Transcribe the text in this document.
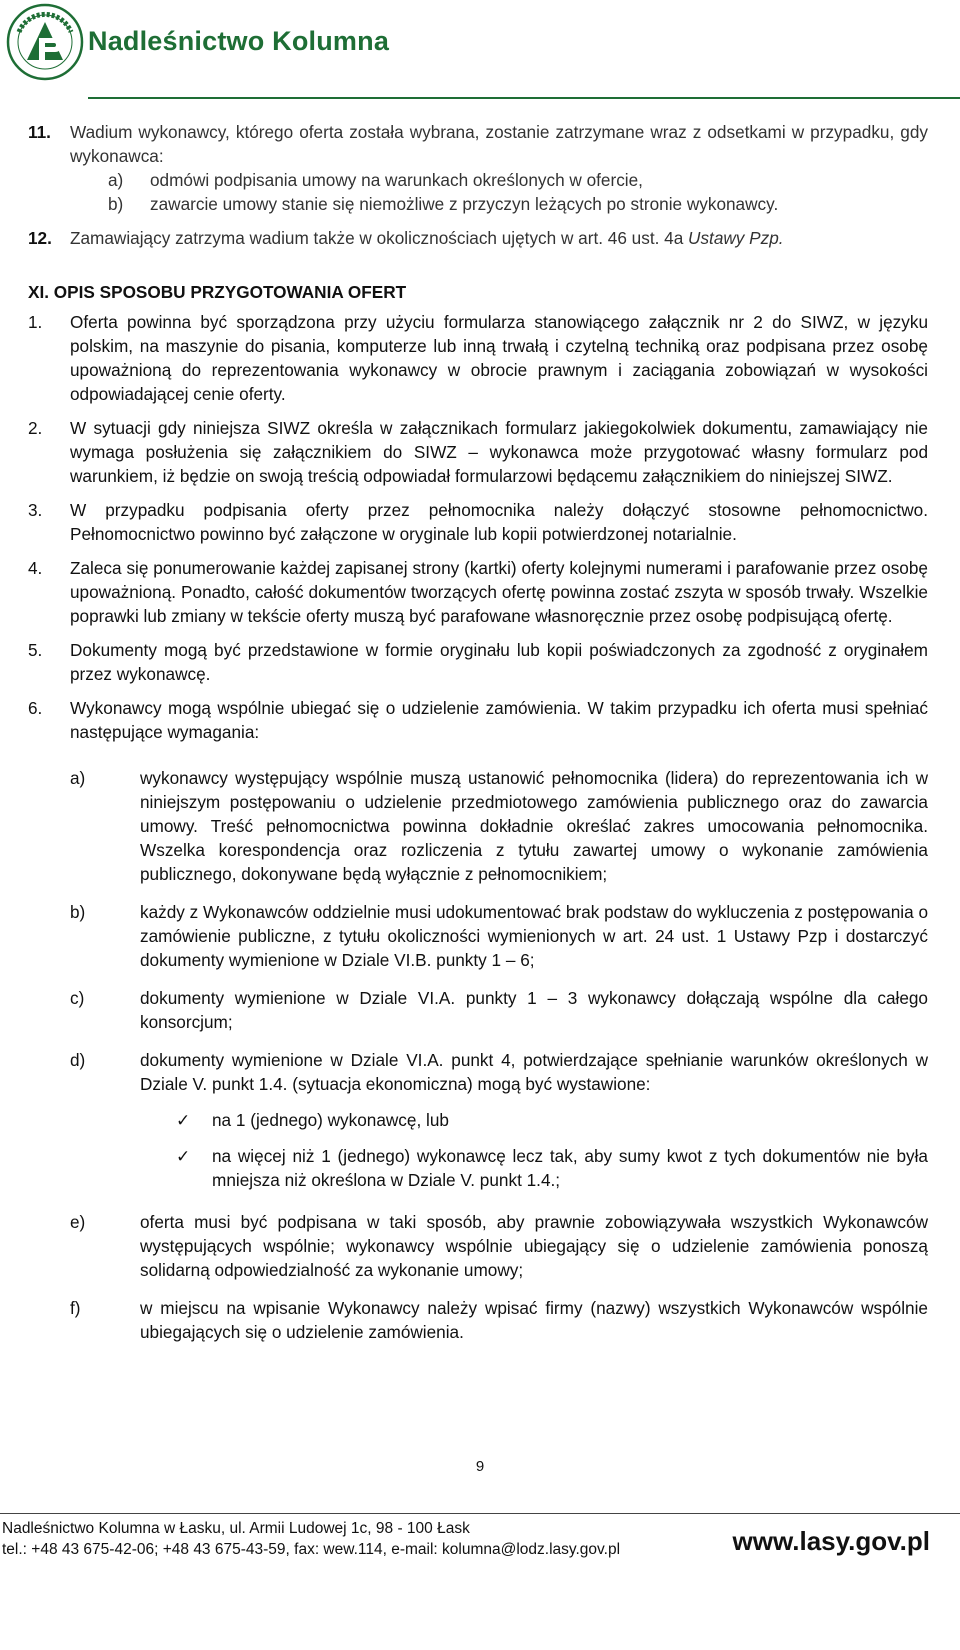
Nadleśnictwo Kolumna
11.	Wadium wykonawcy, którego oferta została wybrana, zostanie zatrzymane wraz z odsetkami w przypadku, gdy wykonawca:
a)	odmówi podpisania umowy na warunkach określonych w ofercie,
b)	zawarcie umowy stanie się niemożliwe z przyczyn leżących po stronie wykonawcy.
12.	Zamawiający zatrzyma wadium także w okolicznościach ujętych w art. 46 ust. 4a Ustawy Pzp.
XI. OPIS SPOSOBU PRZYGOTOWANIA OFERT
1.	Oferta powinna być sporządzona przy użyciu formularza stanowiącego załącznik nr 2 do SIWZ, w języku polskim, na maszynie do pisania, komputerze lub inną trwałą i czytelną techniką oraz podpisana przez osobę upoważnioną do reprezentowania wykonawcy w obrocie prawnym i zaciągania zobowiązań w wysokości odpowiadającej cenie oferty.
2.	W sytuacji gdy niniejsza SIWZ określa w załącznikach formularz jakiegokolwiek dokumentu, zamawiający nie wymaga posłużenia się załącznikiem do SIWZ – wykonawca może przygotować własny formularz pod warunkiem, iż będzie on swoją treścią odpowiadał formularzowi będącemu załącznikiem do niniejszej SIWZ.
3.	W przypadku podpisania oferty przez pełnomocnika należy dołączyć stosowne pełnomocnictwo. Pełnomocnictwo powinno być załączone w oryginale lub kopii potwierdzonej notarialnie.
4.	Zaleca się ponumerowanie każdej zapisanej strony (kartki) oferty kolejnymi numerami i parafowanie przez osobę upoważnioną. Ponadto, całość dokumentów tworzących ofertę powinna zostać zszyta w sposób trwały. Wszelkie poprawki lub zmiany w tekście oferty muszą być parafowane własnoręcznie przez osobę podpisującą ofertę.
5.	Dokumenty mogą być przedstawione w formie oryginału lub kopii poświadczonych za zgodność z oryginałem przez wykonawcę.
6.	Wykonawcy mogą wspólnie ubiegać się o udzielenie zamówienia. W takim przypadku ich oferta musi spełniać następujące wymagania:
a)	wykonawcy występujący wspólnie muszą ustanowić pełnomocnika (lidera) do reprezentowania ich w niniejszym postępowaniu o udzielenie przedmiotowego zamówienia publicznego oraz do zawarcia umowy. Treść pełnomocnictwa powinna dokładnie określać zakres umocowania pełnomocnika. Wszelka korespondencja oraz rozliczenia z tytułu zawartej umowy o wykonanie zamówienia publicznego, dokonywane będą wyłącznie z pełnomocnikiem;
b)	każdy z Wykonawców oddzielnie musi udokumentować brak podstaw do wykluczenia z postępowania o zamówienie publiczne, z tytułu okoliczności wymienionych w art. 24 ust. 1 Ustawy Pzp i dostarczyć dokumenty wymienione w Dziale VI.B. punkty 1 – 6;
c)	dokumenty wymienione w Dziale VI.A. punkty 1 – 3 wykonawcy dołączają wspólne dla całego konsorcjum;
d)	dokumenty wymienione w Dziale VI.A. punkt 4, potwierdzające spełnianie warunków określonych w Dziale V. punkt 1.4. (sytuacja ekonomiczna) mogą być wystawione:
✓	na 1 (jednego) wykonawcę, lub
✓	na więcej niż 1 (jednego) wykonawcę lecz tak, aby sumy kwot z tych dokumentów nie była mniejsza niż określona w Dziale V. punkt 1.4.;
e)	oferta musi być podpisana w taki sposób, aby prawnie zobowiązywała wszystkich Wykonawców występujących wspólnie; wykonawcy wspólnie ubiegający się o udzielenie zamówienia ponoszą solidarną odpowiedzialność za wykonanie umowy;
f)	w miejscu na wpisanie Wykonawcy należy wpisać firmy (nazwy) wszystkich Wykonawców wspólnie ubiegających się o udzielenie zamówienia.
9
Nadleśnictwo Kolumna w Łasku, ul. Armii Ludowej 1c, 98 - 100 Łask
tel.: +48 43 675-42-06; +48 43 675-43-59, fax: wew.114, e-mail: kolumna@lodz.lasy.gov.pl	www.lasy.gov.pl
